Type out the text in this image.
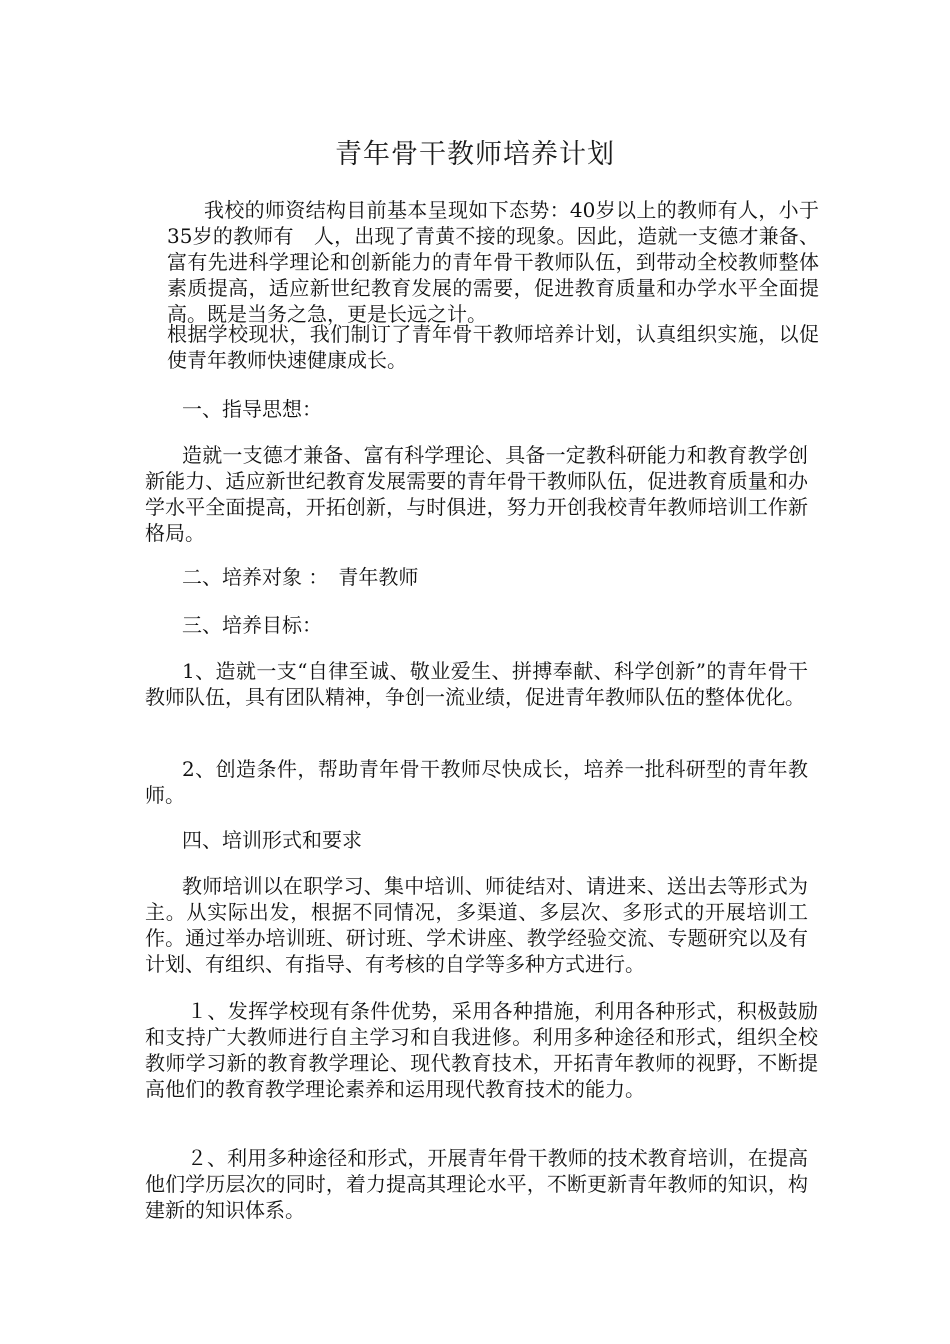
青年骨干教师培养计划

我校的师资结构目前基本呈现如下态势：40岁以上的教师有人，小于35岁的教师有　人，出现了青黄不接的现象。因此，造就一支德才兼备、富有先进科学理论和创新能力的青年骨干教师队伍，到带动全校教师整体素质提高，适应新世纪教育发展的需要，促进教育质量和办学水平全面提高。既是当务之急，更是长远之计。

根据学校现状，我们制订了青年骨干教师培养计划，认真组织实施，以促使青年教师快速健康成长。

一、指导思想：

造就一支德才兼备、富有科学理论、具备一定教科研能力和教育教学创新能力、适应新世纪教育发展需要的青年骨干教师队伍，促进教育质量和办学水平全面提高，开拓创新，与时俱进，努力开创我校青年教师培训工作新格局。

二、培养对象 ：　青年教师

三、培养目标：

1、造就一支“自律至诚、敬业爱生、拼搏奉献、科学创新”的青年骨干教师队伍，具有团队精神，争创一流业绩，促进青年教师队伍的整体优化。

2、创造条件，帮助青年骨干教师尽快成长，培养一批科研型的青年教师。

四、培训形式和要求

教师培训以在职学习、集中培训、师徒结对、请进来、送出去等形式为主。从实际出发，根据不同情况，多渠道、多层次、多形式的开展培训工作。通过举办培训班、研讨班、学术讲座、教学经验交流、专题研究以及有计划、有组织、有指导、有考核的自学等多种方式进行。

１、发挥学校现有条件优势，采用各种措施，利用各种形式，积极鼓励和支持广大教师进行自主学习和自我进修。利用多种途径和形式，组织全校教师学习新的教育教学理论、现代教育技术，开拓青年教师的视野，不断提高他们的教育教学理论素养和运用现代教育技术的能力。

２、利用多种途径和形式，开展青年骨干教师的技术教育培训，在提高他们学历层次的同时，着力提高其理论水平，不断更新青年教师的知识，构建新的知识体系。
